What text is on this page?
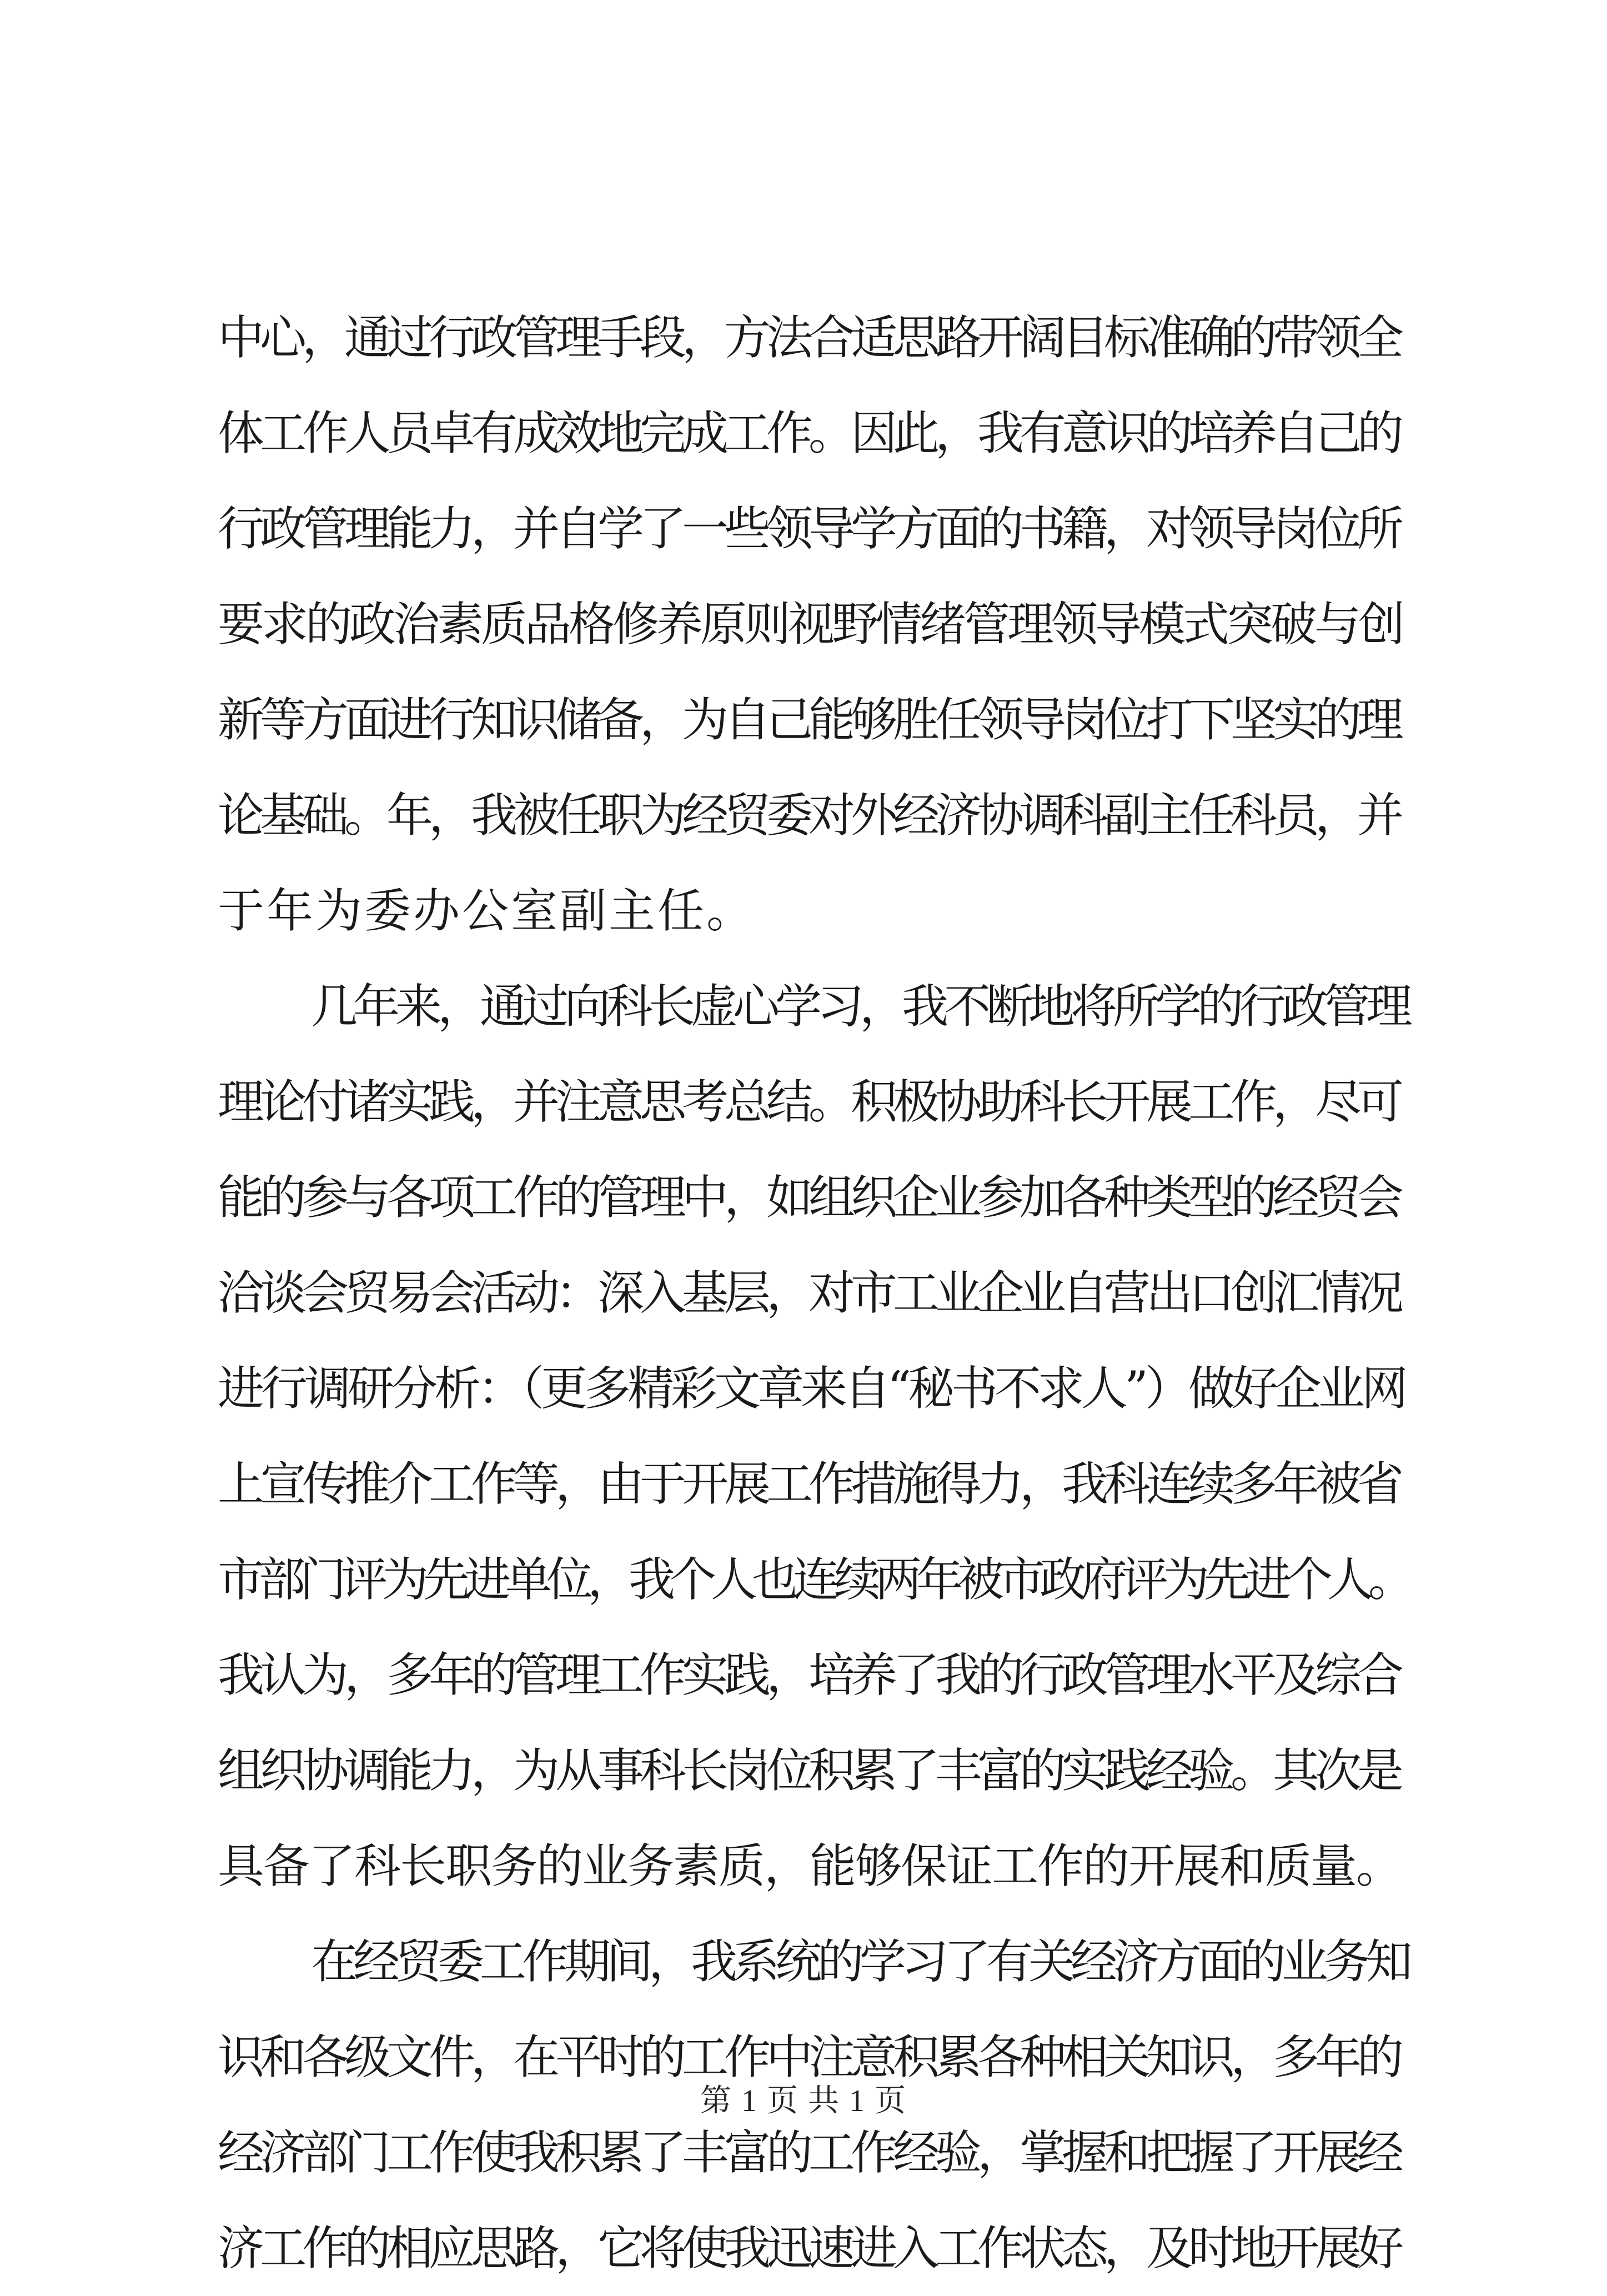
中心，通过行政管理手段，方法合适思路开阔目标准确的带领全
体工作人员卓有成效地完成工作。因此，我有意识的培养自己的
行政管理能力，并自学了一些领导学方面的书籍，对领导岗位所
要求的政治素质品格修养原则视野情绪管理领导模式突破与创
新等方面进行知识储备，为自己能够胜任领导岗位打下坚实的理
论基础。年，我被任职为经贸委对外经济协调科副主任科员，并
于年为委办公室副主任。
几年来，通过向科长虚心学习，我不断地将所学的行政管理
理论付诸实践，并注意思考总结。积极协助科长开展工作，尽可
能的参与各项工作的管理中，如组织企业参加各种类型的经贸会
洽谈会贸易会活动：深入基层，对市工业企业自营出口创汇情况
进行调研分析：（更多精彩文章来自“秘书不求人”）做好企业网
上宣传推介工作等，由于开展工作措施得力，我科连续多年被省
市部门评为先进单位，我个人也连续两年被市政府评为先进个人。
我认为，多年的管理工作实践，培养了我的行政管理水平及综合
组织协调能力，为从事科长岗位积累了丰富的实践经验。其次是
具备了科长职务的业务素质，能够保证工作的开展和质量。
在经贸委工作期间，我系统的学习了有关经济方面的业务知
识和各级文件，在平时的工作中注意积累各种相关知识，多年的
经济部门工作使我积累了丰富的工作经验，掌握和把握了开展经
济工作的相应思路，它将使我迅速进入工作状态，及时地开展好
第 1 页 共 1 页
